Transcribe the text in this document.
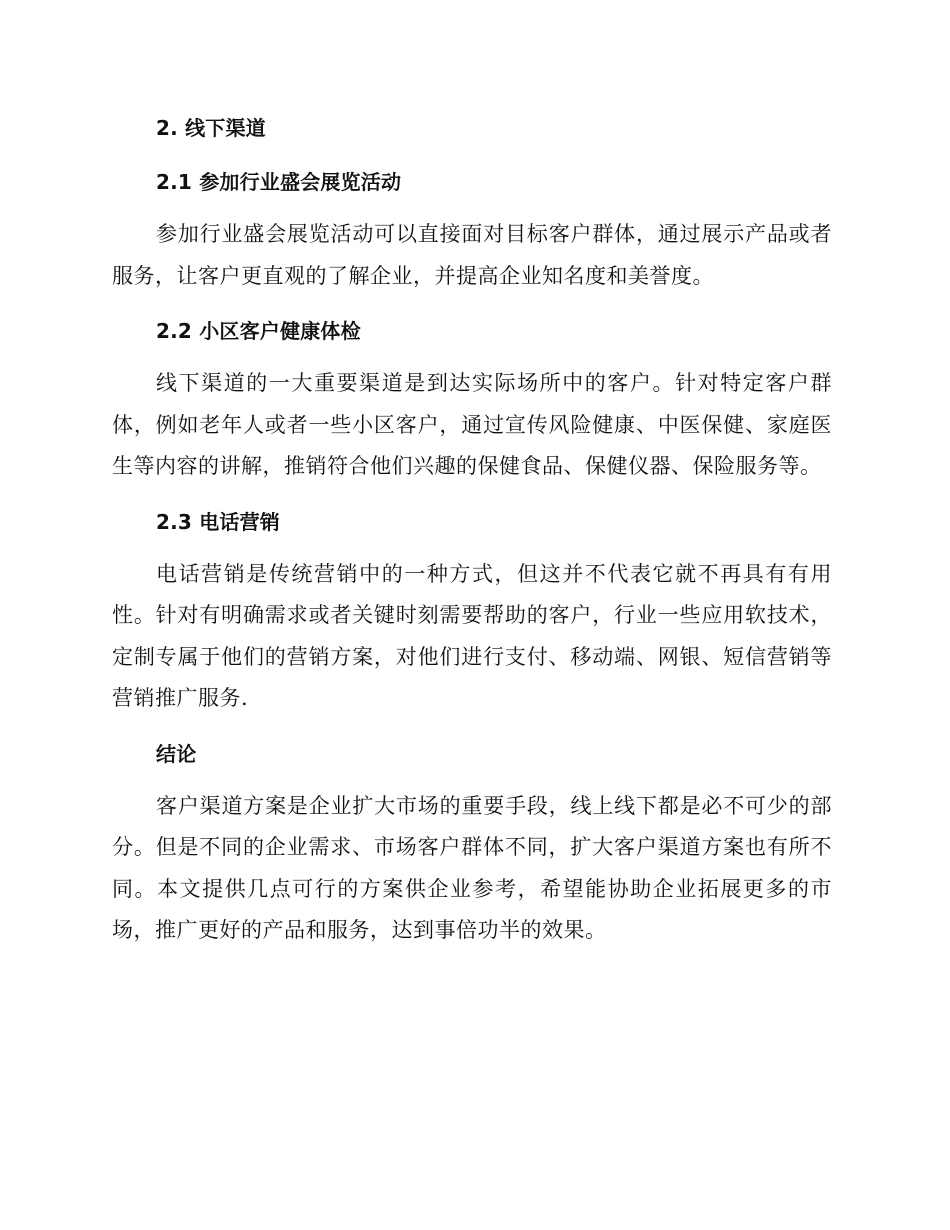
2. 线下渠道
2.1 参加行业盛会展览活动

参加行业盛会展览活动可以直接面对目标客户群体，通过展示产品或者服务，让客户更直观的了解企业，并提高企业知名度和美誉度。

2.2 小区客户健康体检

线下渠道的一大重要渠道是到达实际场所中的客户。针对特定客户群体，例如老年人或者一些小区客户，通过宣传风险健康、中医保健、家庭医生等内容的讲解，推销符合他们兴趣的保健食品、保健仪器、保险服务等。

2.3 电话营销

电话营销是传统营销中的一种方式，但这并不代表它就不再具有有用性。针对有明确需求或者关键时刻需要帮助的客户，行业一些应用软技术，定制专属于他们的营销方案，对他们进行支付、移动端、网银、短信营销等营销推广服务.

结论

客户渠道方案是企业扩大市场的重要手段，线上线下都是必不可少的部分。但是不同的企业需求、市场客户群体不同，扩大客户渠道方案也有所不同。本文提供几点可行的方案供企业参考，希望能协助企业拓展更多的市场，推广更好的产品和服务，达到事倍功半的效果。
